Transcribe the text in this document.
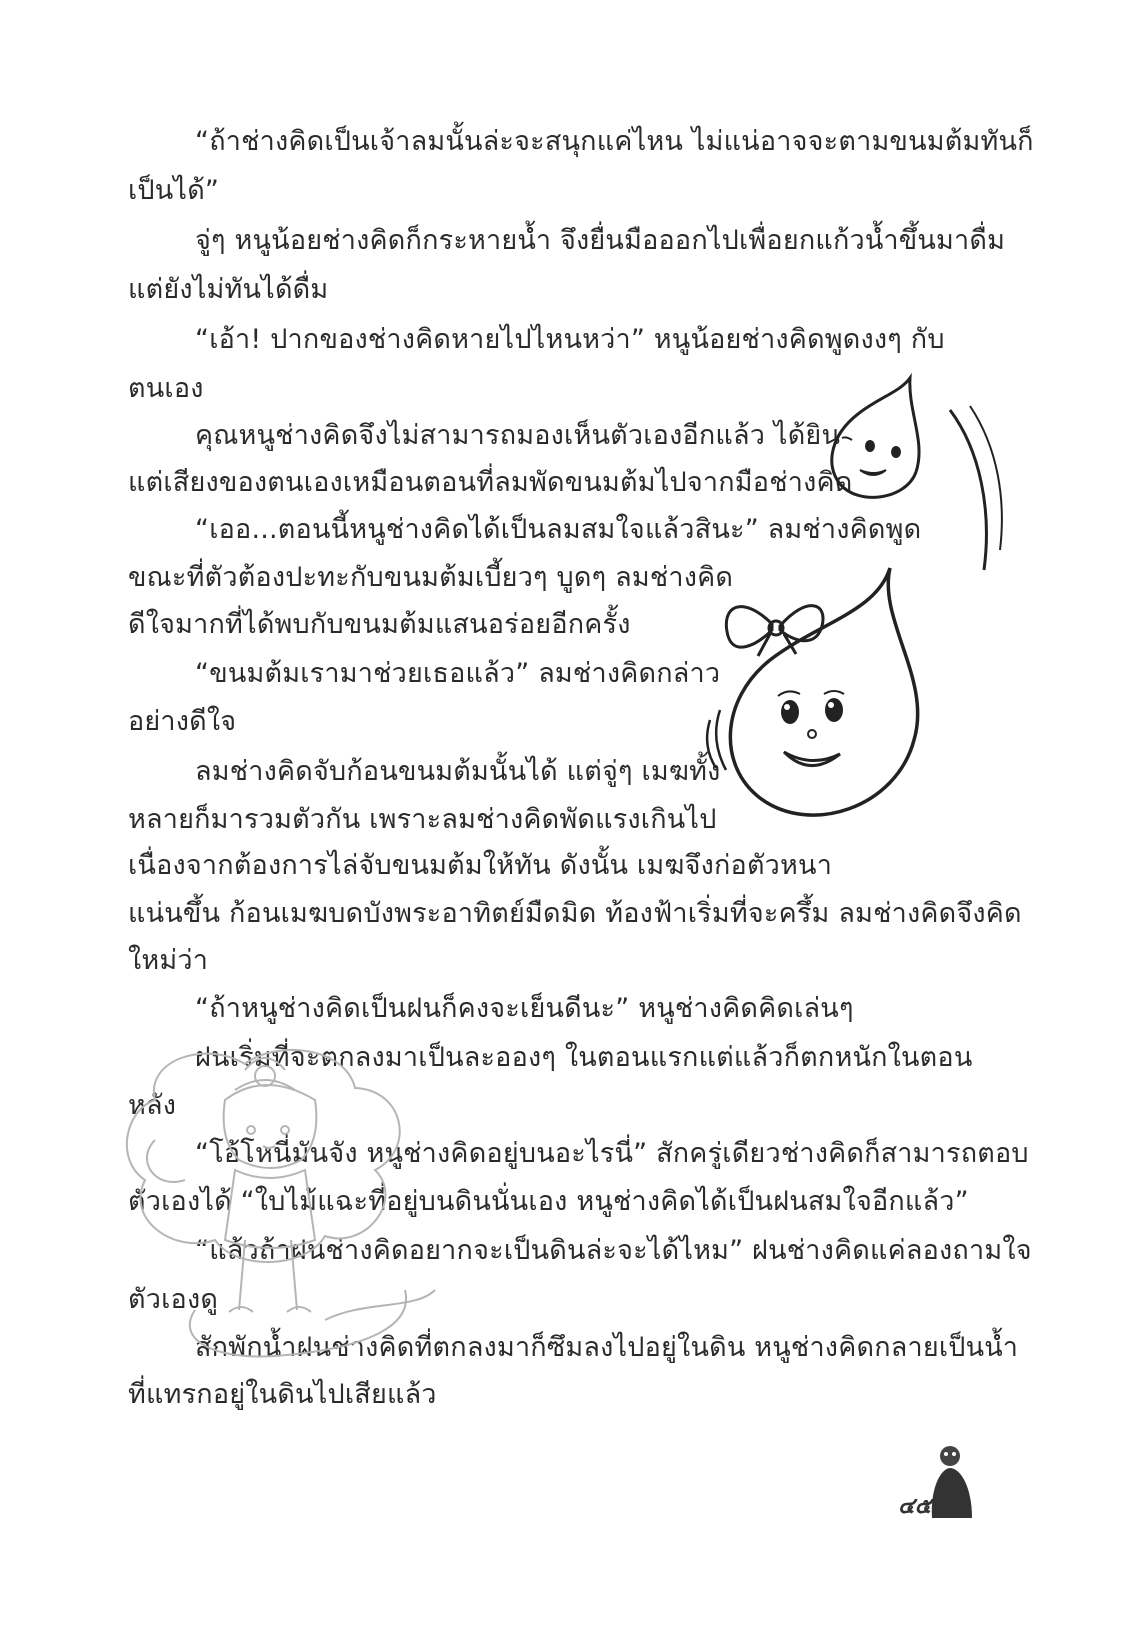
“ถ้าช่างคิดเป็นเจ้าลมนั้นล่ะจะสนุกแค่ไหน ไม่แน่อาจจะตามขนมต้มทันก็
เป็นได้”
จู่ๆ หนูน้อยช่างคิดก็กระหายน้ำ จึงยื่นมือออกไปเพื่อยกแก้วน้ำขึ้นมาดื่ม
แต่ยังไม่ทันได้ดื่ม
“เอ้า! ปากของช่างคิดหายไปไหนหว่า” หนูน้อยช่างคิดพูดงงๆ กับ
ตนเอง
คุณหนูช่างคิดจึงไม่สามารถมองเห็นตัวเองอีกแล้ว ได้ยิน
แต่เสียงของตนเองเหมือนตอนที่ลมพัดขนมต้มไปจากมือช่างคิด
“เออ...ตอนนี้หนูช่างคิดได้เป็นลมสมใจแล้วสินะ” ลมช่างคิดพูด
ขณะที่ตัวต้องปะทะกับขนมต้มเบี้ยวๆ บูดๆ ลมช่างคิด
ดีใจมากที่ได้พบกับขนมต้มแสนอร่อยอีกครั้ง
“ขนมต้มเรามาช่วยเธอแล้ว” ลมช่างคิดกล่าว
อย่างดีใจ
ลมช่างคิดจับก้อนขนมต้มนั้นได้ แต่จู่ๆ เมฆทั้ง
หลายก็มารวมตัวกัน เพราะลมช่างคิดพัดแรงเกินไป
เนื่องจากต้องการไล่จับขนมต้มให้ทัน ดังนั้น เมฆจึงก่อตัวหนา
แน่นขึ้น ก้อนเมฆบดบังพระอาทิตย์มืดมิด ท้องฟ้าเริ่มที่จะครึ้ม ลมช่างคิดจึงคิด
ใหม่ว่า
“ถ้าหนูช่างคิดเป็นฝนก็คงจะเย็นดีนะ” หนูช่างคิดคิดเล่นๆ
ฝนเริ่มที่จะตกลงมาเป็นละอองๆ ในตอนแรกแต่แล้วก็ตกหนักในตอน
หลัง
“โอ้โหนี่มันจัง หนูช่างคิดอยู่บนอะไรนี่” สักครู่เดียวช่างคิดก็สามารถตอบ
ตัวเองได้ “ใบไม้แฉะที่อยู่บนดินนั่นเอง หนูช่างคิดได้เป็นฝนสมใจอีกแล้ว”
“แล้วถ้าฝนช่างคิดอยากจะเป็นดินล่ะจะได้ไหม” ฝนช่างคิดแค่ลองถามใจ
ตัวเองดู
สักพักน้ำฝนช่างคิดที่ตกลงมาก็ซึมลงไปอยู่ในดิน หนูช่างคิดกลายเป็นน้ำ
ที่แทรกอยู่ในดินไปเสียแล้ว
๔๕
